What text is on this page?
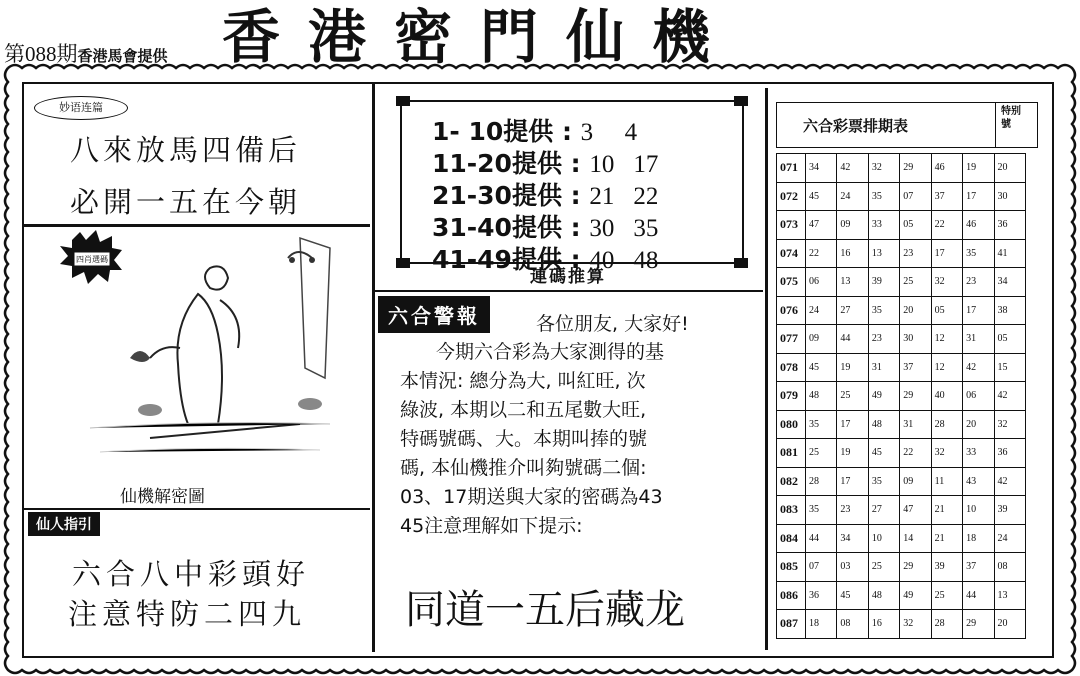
第088期香港馬會提供 香港密門仙機
妙语连篇
八來放馬四備后
必開一五在今朝
四肖選碼
仙機解密圖
仙人指引
六合八中彩頭好
注意特防二四九
1- 10提供 : 3 4
11-20提供 : 10 17
21-30提供 : 21 22
31-40提供 : 30 35
41-49提供 : 40 48
連碼推算
六合警報	各位朋友, 大家好!
今期六合彩為大家測得的基
本情況: 總分為大, 叫紅旺, 次
綠波, 本期以二和五尾數大旺,
特碼號碼、大。本期叫捧的號
碼, 本仙機推介叫夠號碼二個:
03、17期送與大家的密碼為43
45注意理解如下提示:
同道一五后藏龙
六合彩票排期表
特别號
071	34	42	32	29	46	19	20
072	45	24	35	07	37	17	30
073	47	09	33	05	22	46	36
074	22	16	13	23	17	35	41
075	06	13	39	25	32	23	34
076	24	27	35	20	05	17	38
077	09	44	23	30	12	31	05
078	45	19	31	37	12	42	15
079	48	25	49	29	40	06	42
080	35	17	48	31	28	20	32
081	25	19	45	22	32	33	36
082	28	17	35	09	11	43	42
083	35	23	27	47	21	10	39
084	44	34	10	14	21	18	24
085	07	03	25	29	39	37	08
086	36	45	48	49	25	44	13
087	18	08	16	32	28	29	20
